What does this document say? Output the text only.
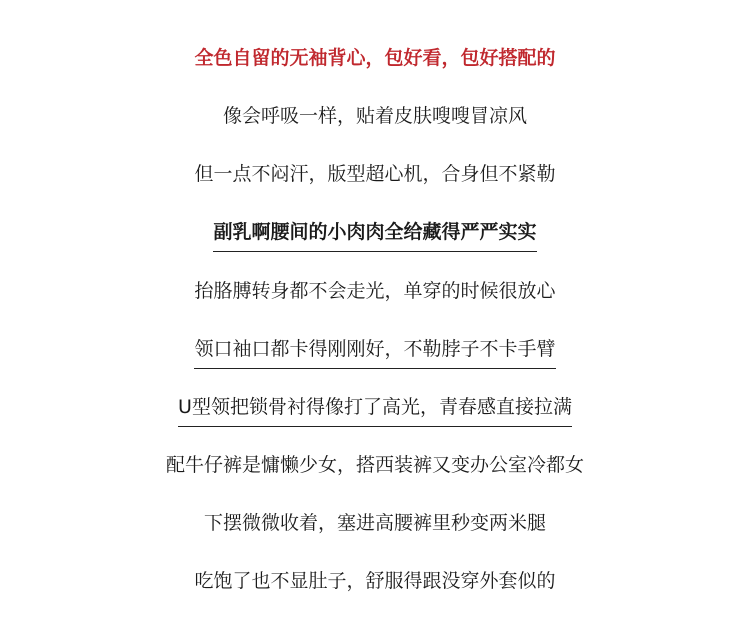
全色自留的无袖背心，包好看，包好搭配的
像会呼吸一样，贴着皮肤嗖嗖冒凉风
但一点不闷汗，版型超心机，合身但不紧勒
副乳啊腰间的小肉肉全给藏得严严实实
抬胳膊转身都不会走光，单穿的时候很放心
领口袖口都卡得刚刚好，不勒脖子不卡手臂
U型领把锁骨衬得像打了高光，青春感直接拉满
配牛仔裤是慵懒少女，搭西装裤又变办公室冷都女
下摆微微收着，塞进高腰裤里秒变两米腿
吃饱了也不显肚子，舒服得跟没穿外套似的
